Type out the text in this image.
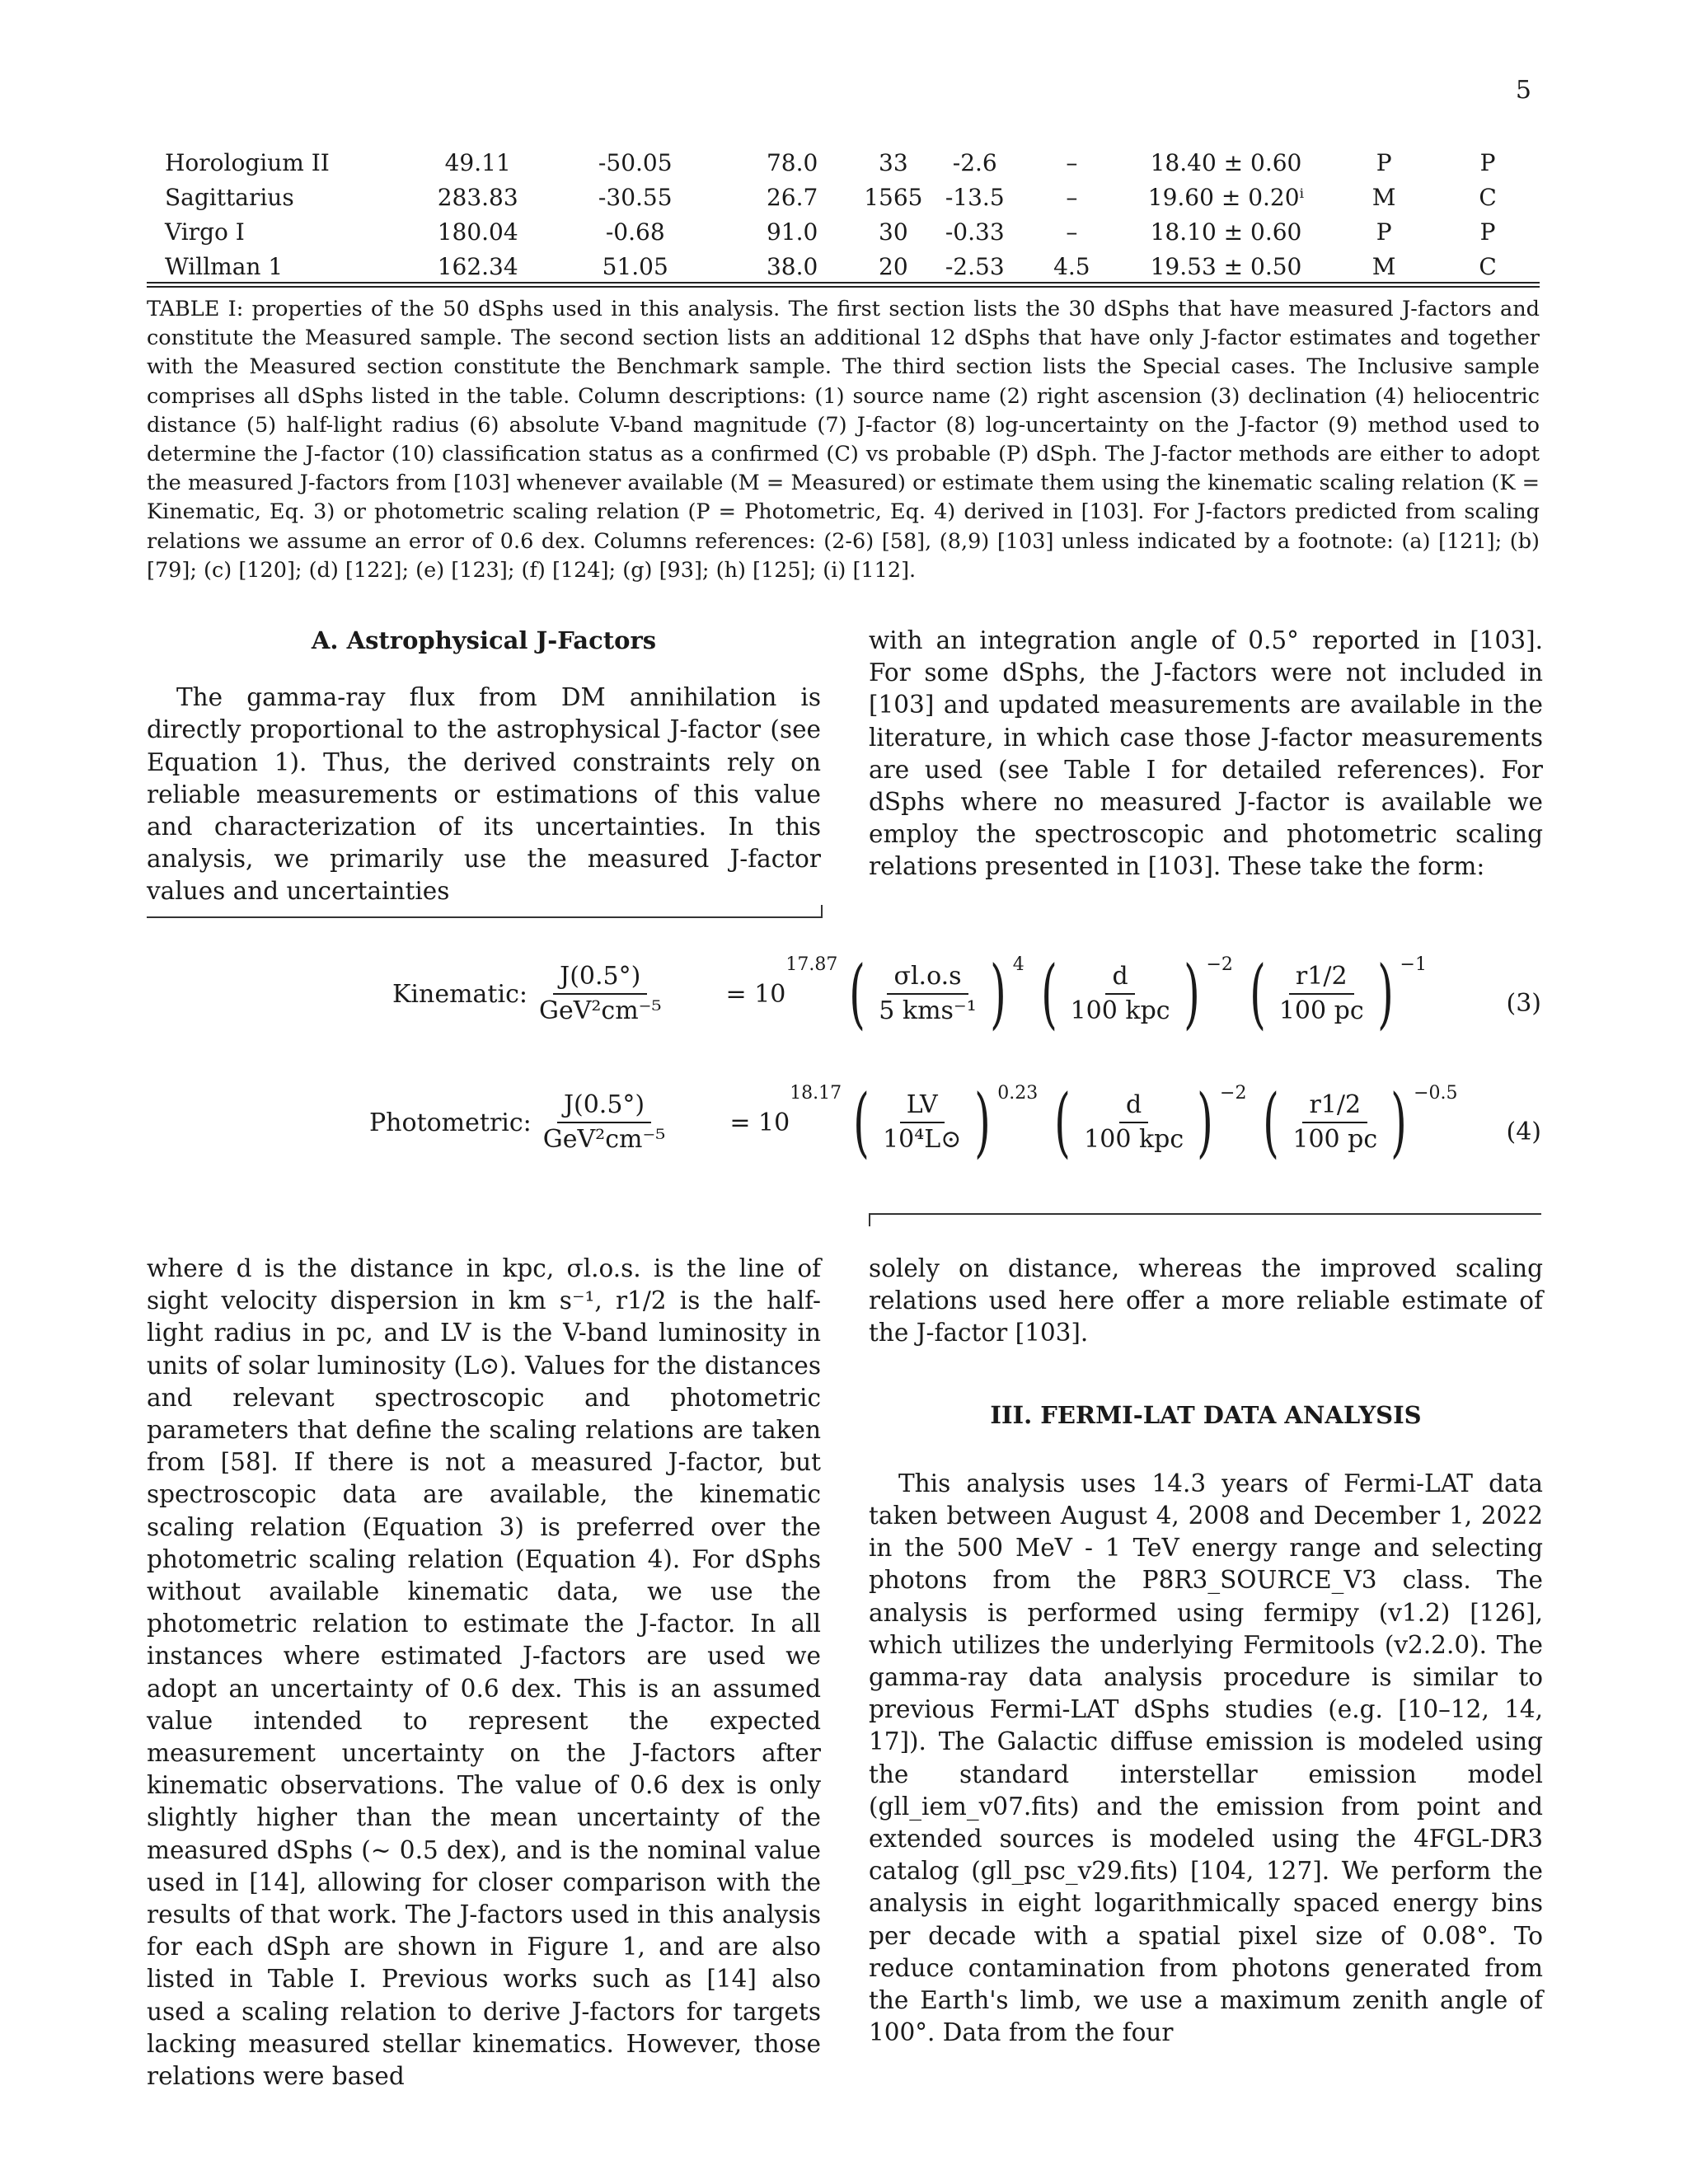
5
Horologium II	49.11	-50.05	78.0	33	-2.6	–	18.40 ± 0.60	P	P
Sagittarius	283.83	-30.55	26.7	1565	-13.5	–	19.60 ± 0.20ⁱ	M	C
Virgo I	180.04	-0.68	91.0	30	-0.33	–	18.10 ± 0.60	P	P
Willman 1	162.34	51.05	38.0	20	-2.53	4.5	19.53 ± 0.50	M	C
TABLE I: properties of the 50 dSphs used in this analysis. The first section lists the 30 dSphs that have measured J-factors and constitute the Measured sample. The second section lists an additional 12 dSphs that have only J-factor estimates and together with the Measured section constitute the Benchmark sample. The third section lists the Special cases. The Inclusive sample comprises all dSphs listed in the table. Column descriptions: (1) source name (2) right ascension (3) declination (4) heliocentric distance (5) half-light radius (6) absolute V-band magnitude (7) J-factor (8) log-uncertainty on the J-factor (9) method used to determine the J-factor (10) classification status as a confirmed (C) vs probable (P) dSph. The J-factor methods are either to adopt the measured J-factors from [103] whenever available (M = Measured) or estimate them using the kinematic scaling relation (K = Kinematic, Eq. 3) or photometric scaling relation (P = Photometric, Eq. 4) derived in [103]. For J-factors predicted from scaling relations we assume an error of 0.6 dex. Columns references: (2-6) [58], (8,9) [103] unless indicated by a footnote: (a) [121]; (b) [79]; (c) [120]; (d) [122]; (e) [123]; (f) [124]; (g) [93]; (h) [125]; (i) [112].

A. Astrophysical J-Factors

The gamma-ray flux from DM annihilation is directly proportional to the astrophysical J-factor (see Equation 1). Thus, the derived constraints rely on reliable measurements or estimations of this value and characterization of its uncertainties. In this analysis, we primarily use the measured J-factor values and uncertainties

with an integration angle of 0.5° reported in [103]. For some dSphs, the J-factors were not included in [103] and updated measurements are available in the literature, in which case those J-factor measurements are used (see Table I for detailed references). For dSphs where no measured J-factor is available we employ the spectroscopic and photometric scaling relations presented in [103]. These take the form:

Kinematic: $\frac{J(0.5^\circ)}{\text{GeV²cm⁻⁵}} = 10$
17.87 ( $\frac{\sigma l.o.s}{\text{5 kms⁻¹}}$ ) 4 ( $\frac{d}{\text{100 kpc}}$ ) −2 ( $\frac{r1/2}{100 pc}$ ) −1
(3)
Photometric: $\frac{J(0.5^\circ)}{\text{GeV²cm⁻⁵}} = 10$
18.17 ( $\frac{LV}{\text{10⁴L⊙}}$ ) 0.23 ( $\frac{d}{\text{100 kpc}}$ ) −2 ( $\frac{r1/2}{100 pc}$ ) −0.5
(4)

where d is the distance in kpc, σl.o.s. is the line of sight velocity dispersion in km s⁻¹, r1/2 is the half-light radius in pc, and LV is the V-band luminosity in units of solar luminosity (L⊙). Values for the distances and relevant spectroscopic and photometric parameters that define the scaling relations are taken from [58]. If there is not a measured J-factor, but spectroscopic data are available, the kinematic scaling relation (Equation 3) is preferred over the photometric scaling relation (Equation 4). For dSphs without available kinematic data, we use the photometric relation to estimate the J-factor. In all instances where estimated J-factors are used we adopt an uncertainty of 0.6 dex. This is an assumed value intended to represent the expected measurement uncertainty on the J-factors after kinematic observations. The value of 0.6 dex is only slightly higher than the mean uncertainty of the measured dSphs (∼ 0.5 dex), and is the nominal value used in [14], allowing for closer comparison with the results of that work. The J-factors used in this analysis for each dSph are shown in Figure 1, and are also listed in Table I. Previous works such as [14] also used a scaling relation to derive J-factors for targets lacking measured stellar kinematics. However, those relations were based

solely on distance, whereas the improved scaling relations used here offer a more reliable estimate of the J-factor [103].

III. FERMI-LAT DATA ANALYSIS

This analysis uses 14.3 years of Fermi-LAT data taken between August 4, 2008 and December 1, 2022 in the 500 MeV - 1 TeV energy range and selecting photons from the P8R3_SOURCE_V3 class. The analysis is performed using fermipy (v1.2) [126], which utilizes the underlying Fermitools (v2.2.0). The gamma-ray data analysis procedure is similar to previous Fermi-LAT dSphs studies (e.g. [10–12, 14, 17]). The Galactic diffuse emission is modeled using the standard interstellar emission model (gll_iem_v07.fits) and the emission from point and extended sources is modeled using the 4FGL-DR3 catalog (gll_psc_v29.fits) [104, 127]. We perform the analysis in eight logarithmically spaced energy bins per decade with a spatial pixel size of 0.08°. To reduce contamination from photons generated from the Earth's limb, we use a maximum zenith angle of 100°. Data from the four
